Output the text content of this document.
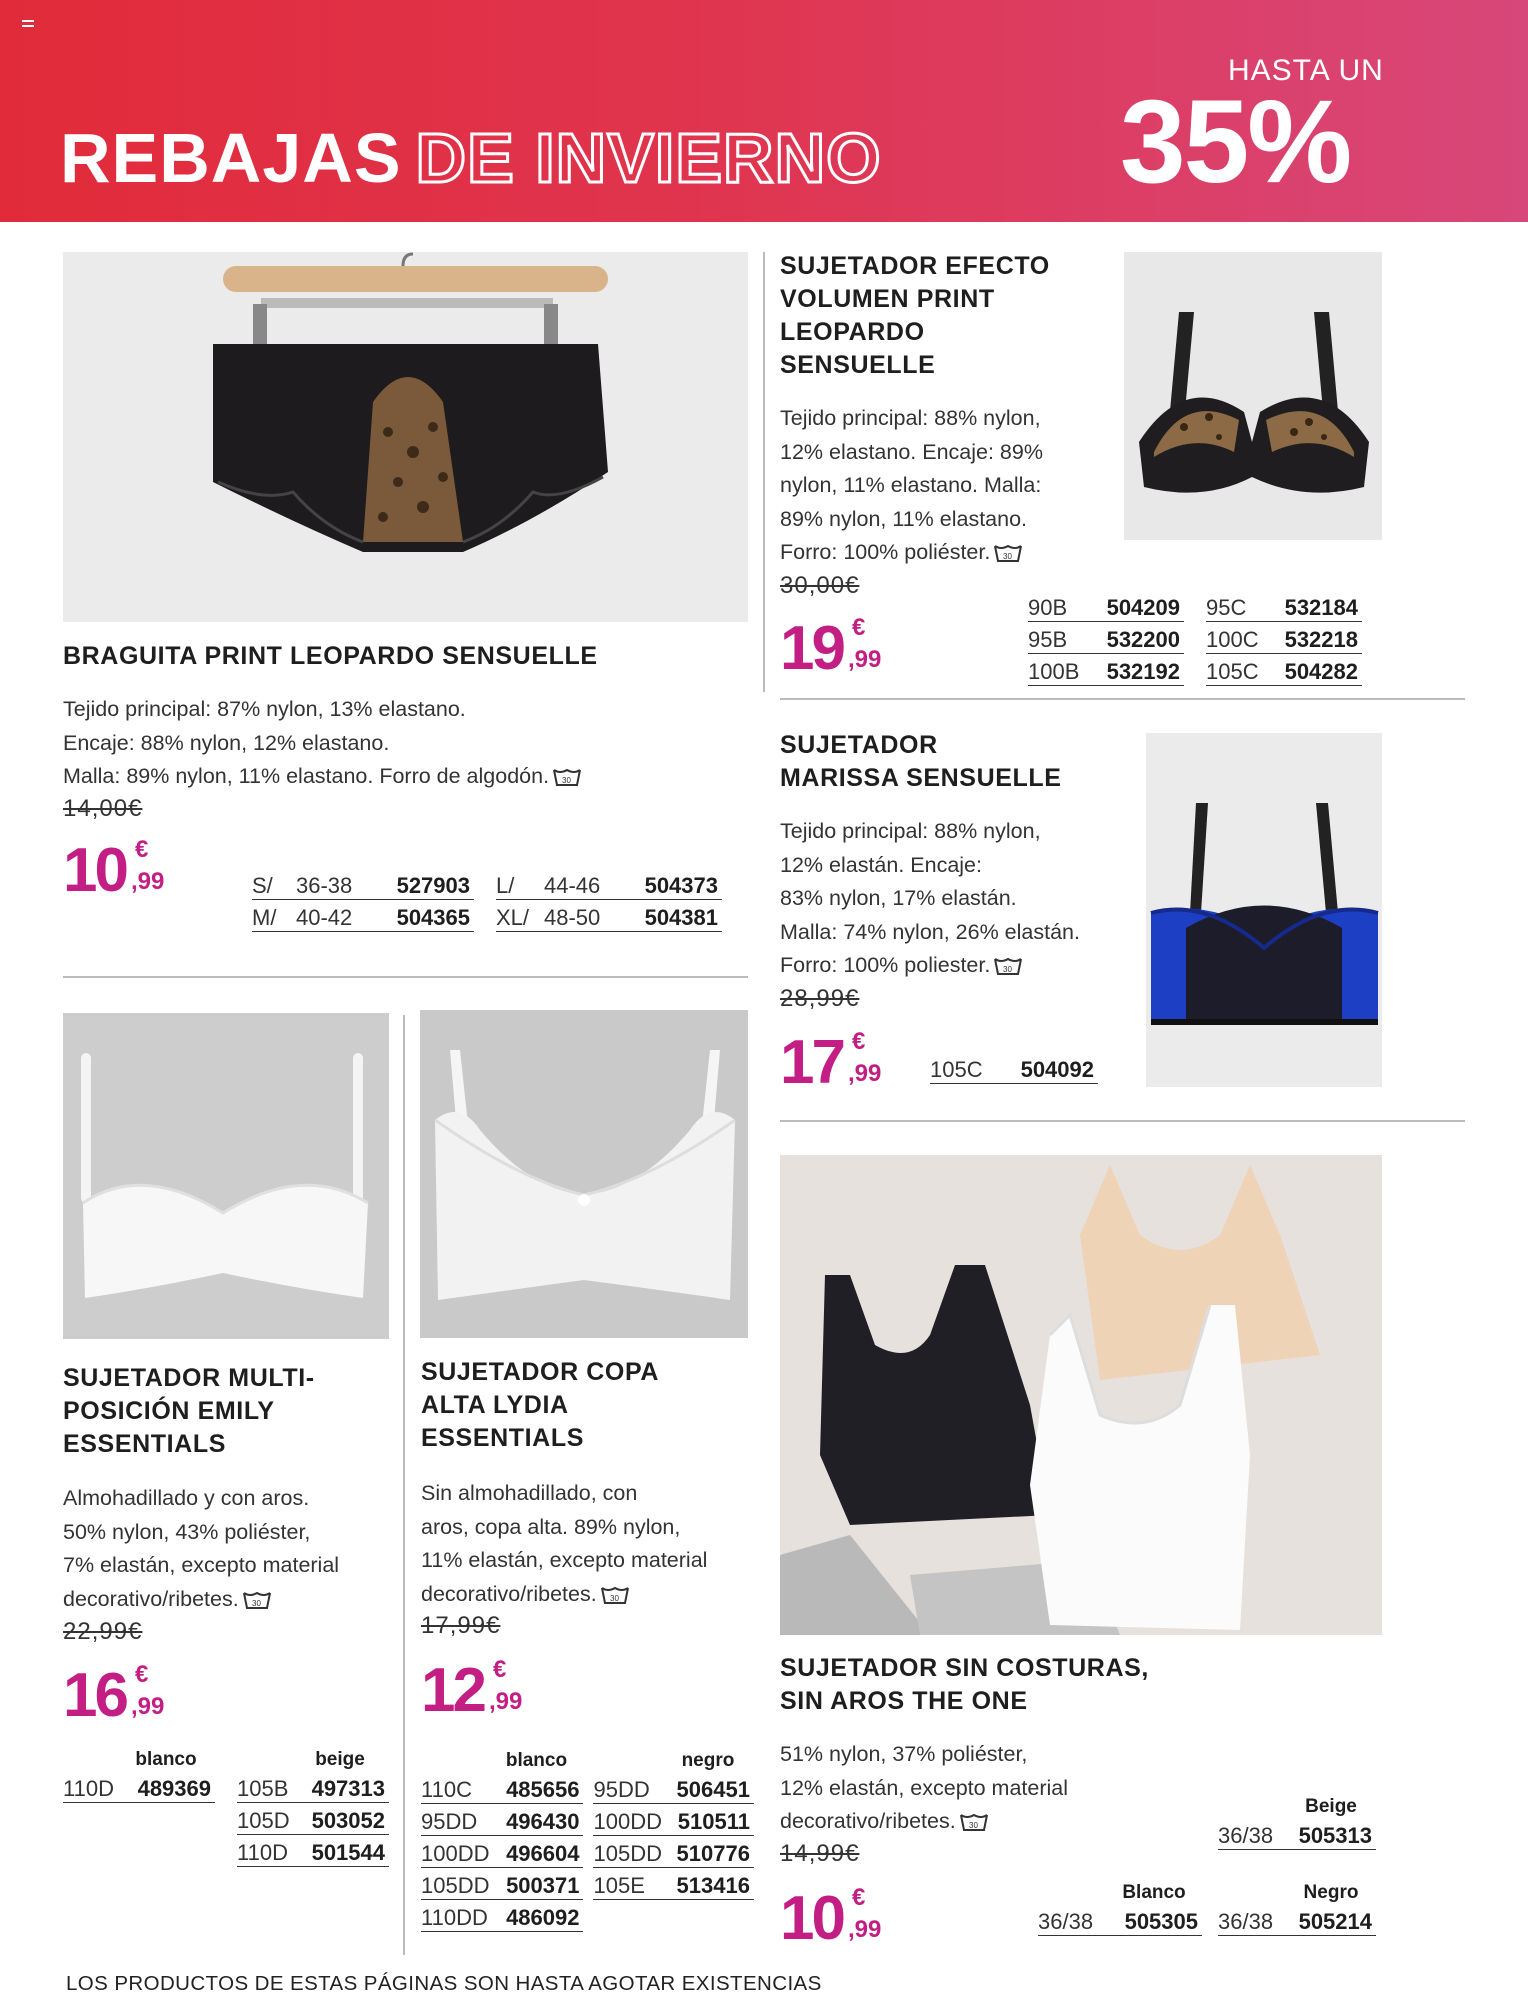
REBAJAS DE INVIERNO
HASTA UN
35%
BRAGUITA PRINT LEOPARDO SENSUELLE
Tejido principal: 87% nylon, 13% elastano.
Encaje: 88% nylon, 12% elastano.
Malla: 89% nylon, 11% elastano. Forro de algodón. 30
14,00€
10 €
,99	S/	36-38	527903		L/	44-46	504373
M/	40-42	504365		XL/	48-50	504381
SUJETADOR EFECTO
VOLUMEN PRINT
LEOPARDO
SENSUELLE
Tejido principal: 88% nylon,
12% elastano. Encaje: 89%
nylon, 11% elastano. Malla:
89% nylon, 11% elastano.
Forro: 100% poliéster. 30
30,00€
19 €
,99
90B	504209		95C	532184
95B	532200		100C	532218
100B	532192		105C	504282
SUJETADOR
MARISSA SENSUELLE
Tejido principal: 88% nylon,
12% elastán. Encaje:
83% nylon, 17% elastán.
Malla: 74% nylon, 26% elastán.
Forro: 100% poliester. 30
28,99€
17 €
,99 105C	504092
SUJETADOR MULTI-
POSICIÓN EMILY
ESSENTIALS
Almohadillado y con aros.
50% nylon, 43% poliéster,
7% elastán, excepto material
decorativo/ribetes. 30
22,99€
16 €
,99
	blanco			beige
110D	489369		105B	497313
			105D	503052
			110D	501544
SUJETADOR COPA
ALTA LYDIA
ESSENTIALS
Sin almohadillado, con
aros, copa alta. 89% nylon,
11% elastán, excepto material
decorativo/ribetes. 30
17,99€
12 €
,99
	blanco			negro
110C	485656		95DD	506451
95DD	496430		100DD	510511
100DD	496604		105DD	510776
105DD	500371		105E	513416
110DD	486092			
SUJETADOR SIN COSTURAS,
SIN AROS THE ONE
51% nylon, 37% poliéster,
12% elastán, excepto material
decorativo/ribetes. 30
14,99€
10 €
,99
	Beige
36/38	505313
	Blanco
36/38	505305
	Negro
36/38	505214
LOS PRODUCTOS DE ESTAS PÁGINAS SON HASTA AGOTAR EXISTENCIAS
